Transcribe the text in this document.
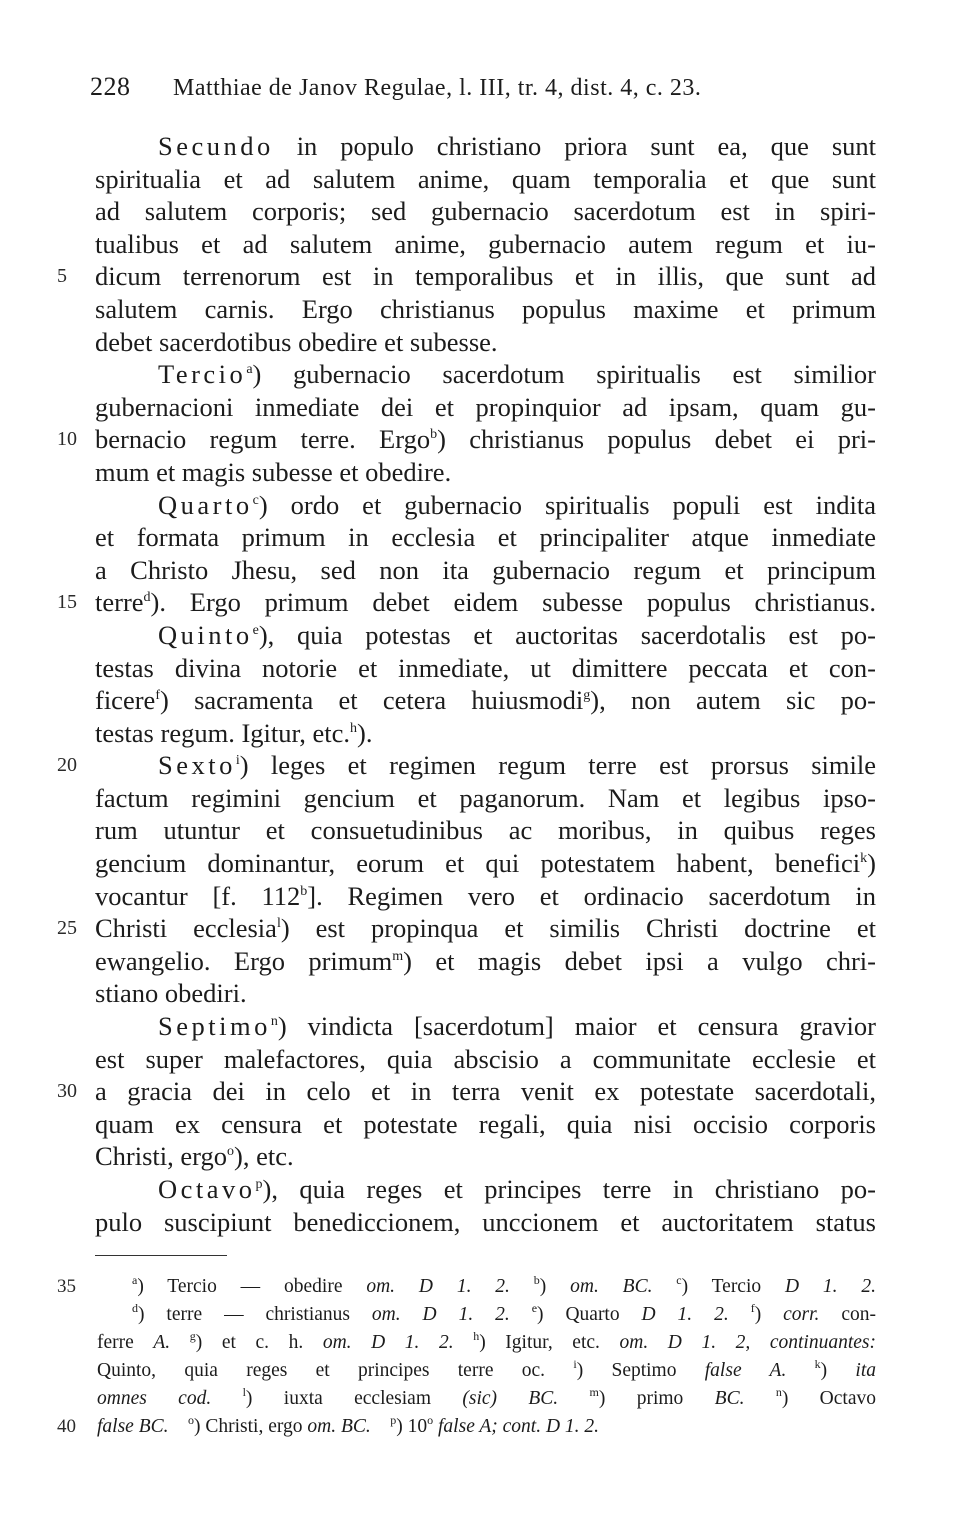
228 Matthiae de Janov Regulae, l. III, tr. 4, dist. 4, c. 23.
Secundo in populo christiano priora sunt ea, que sunt
spiritualia et ad salutem anime, quam temporalia et que sunt
ad salutem corporis; sed gubernacio sacerdotum est in spiri-
tualibus et ad salutem anime, gubernacio autem regum et iu-
5 dicum terrenorum est in temporalibus et in illis, que sunt ad
salutem carnis. Ergo christianus populus maxime et primum
debet sacerdotibus obedire et subesse.
Tercio$^a$) gubernacio sacerdotum spiritualis est similior
gubernacioni inmediate dei et propinquior ad ipsam, quam gu-
10 bernacio regum terre. Ergo$^b$) christianus populus debet ei pri-
mum et magis subesse et obedire.
Quarto$^c$) ordo et gubernacio spiritualis populi est indita
et formata primum in ecclesia et principaliter atque inmediate
a Christo Jhesu, sed non ita gubernacio regum et principum
15 terre$^d$). Ergo primum debet eidem subesse populus christianus.
Quinto$^e$), quia potestas et auctoritas sacerdotalis est po-
testas divina notorie et inmediate, ut dimittere peccata et con-
ficere$^f$) sacramenta et cetera huiusmodi$^g$), non autem sic po-
testas regum. Igitur, etc.$^h$).
20	Sexto$^i$) leges et regimen regum terre est prorsus simile
factum regimini gencium et paganorum. Nam et legibus ipso-
rum utuntur et consuetudinibus ac moribus, in quibus reges
gencium dominantur, eorum et qui potestatem habent, benefici$^k$)
vocantur [f. 112$^b$]. Regimen vero et ordinacio sacerdotum in
25 Christi ecclesia$^l$) est propinqua et similis Christi doctrine et
ewangelio. Ergo primum$^m$) et magis debet ipsi a vulgo chri-
stiano obediri.
Septimo$^n$) vindicta [sacerdotum] maior et censura gravior
est super malefactores, quia abscisio a communitate ecclesie et
30 a gracia dei in celo et in terra venit ex potestate sacerdotali,
quam ex censura et potestate regali, quia nisi occisio corporis
Christi, ergo$^o$), etc.
Octavo$^p$), quia reges et principes terre in christiano po-
pulo suscipiunt benediccionem, unccionem et auctoritatem status
35	$^a$) Tercio — obedire om. D 1. 2. $^b$) om. BC. $^c$) Tercio D 1. 2.
$^d$) terre — christianus om. D 1. 2. $^e$) Quarto D 1. 2. $^f$) corr. con-
ferre A. $^g$) et c. h. om. D 1. 2. $^h$) Igitur, etc. om. D 1. 2, continuantes:
Quinto, quia reges et principes terre oc. $^i$) Septimo false A. $^k$) ita
omnes cod.	$^l$) iuxta ecclesiam (sic) BC.	$^m$) primo BC.	$^n$) Octavo
40 false BC. $^o$) Christi, ergo om. BC. $^p$) 10$^o$ false A; cont. D 1. 2.
